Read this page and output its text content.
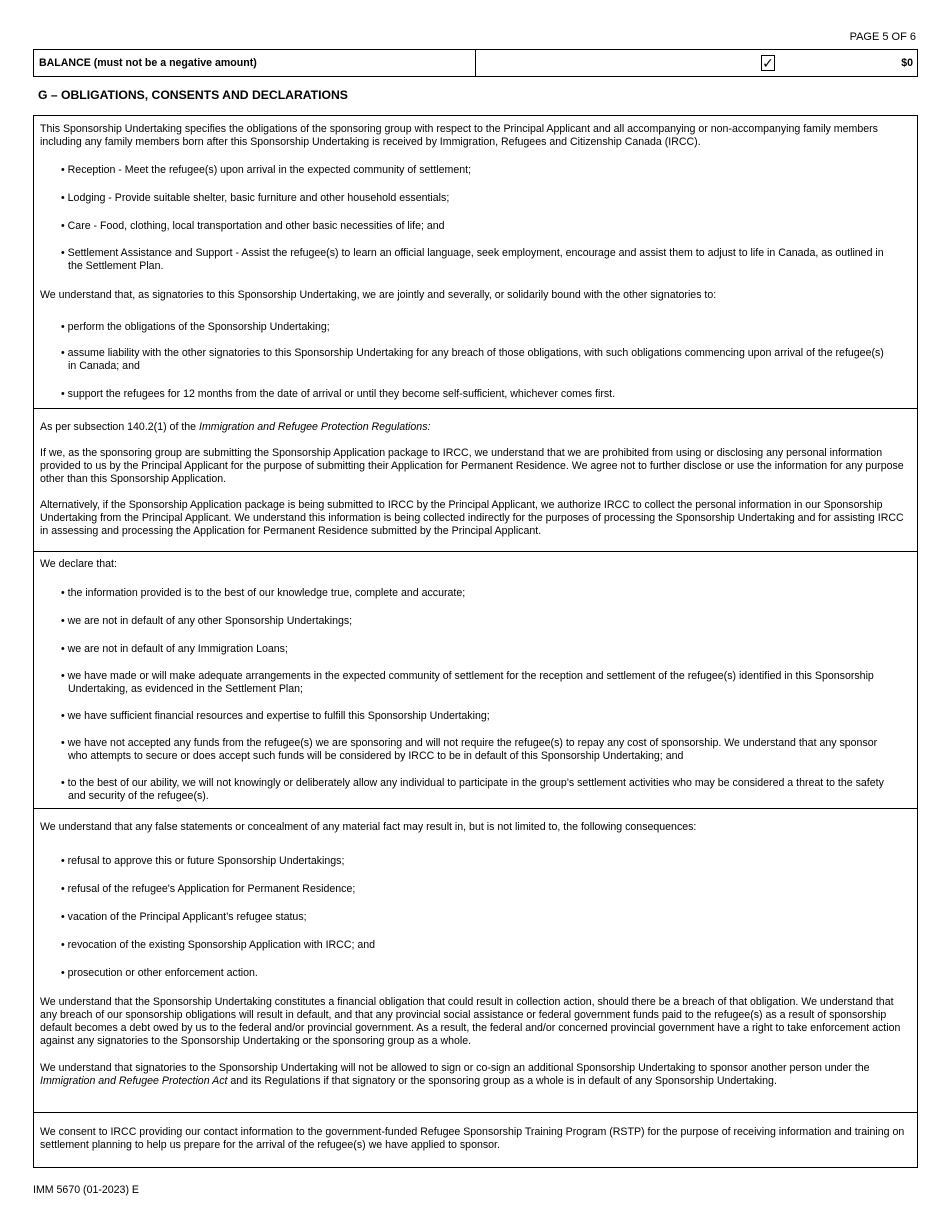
PAGE 5 OF 6
BALANCE (must not be a negative amount)	✓	$0
G – OBLIGATIONS, CONSENTS AND DECLARATIONS

This Sponsorship Undertaking specifies the obligations of the sponsoring group with respect to the Principal Applicant and all accompanying or non-accompanying family members including any family members born after this Sponsorship Undertaking is received by Immigration, Refugees and Citizenship Canada (IRCC).

• Reception - Meet the refugee(s) upon arrival in the expected community of settlement;

• Lodging - Provide suitable shelter, basic furniture and other household essentials;

• Care - Food, clothing, local transportation and other basic necessities of life; and

• Settlement Assistance and Support - Assist the refugee(s) to learn an official language, seek employment, encourage and assist them to adjust to life in Canada, as outlined in the Settlement Plan.

We understand that, as signatories to this Sponsorship Undertaking, we are jointly and severally, or solidarily bound with the other signatories to:

• perform the obligations of the Sponsorship Undertaking;

• assume liability with the other signatories to this Sponsorship Undertaking for any breach of those obligations, with such obligations commencing upon arrival of the refugee(s) in Canada; and

• support the refugees for 12 months from the date of arrival or until they become self-sufficient, whichever comes first.

As per subsection 140.2(1) of the Immigration and Refugee Protection Regulations:

If we, as the sponsoring group are submitting the Sponsorship Application package to IRCC, we understand that we are prohibited from using or disclosing any personal information provided to us by the Principal Applicant for the purpose of submitting their Application for Permanent Residence. We agree not to further disclose or use the information for any purpose other than this Sponsorship Application.

Alternatively, if the Sponsorship Application package is being submitted to IRCC by the Principal Applicant, we authorize IRCC to collect the personal information in our Sponsorship Undertaking from the Principal Applicant. We understand this information is being collected indirectly for the purposes of processing the Sponsorship Undertaking and for assisting IRCC in assessing and processing the Application for Permanent Residence submitted by the Principal Applicant.

We declare that:

• the information provided is to the best of our knowledge true, complete and accurate;

• we are not in default of any other Sponsorship Undertakings;

• we are not in default of any Immigration Loans;

• we have made or will make adequate arrangements in the expected community of settlement for the reception and settlement of the refugee(s) identified in this Sponsorship Undertaking, as evidenced in the Settlement Plan;

• we have sufficient financial resources and expertise to fulfill this Sponsorship Undertaking;

• we have not accepted any funds from the refugee(s) we are sponsoring and will not require the refugee(s) to repay any cost of sponsorship. We understand that any sponsor who attempts to secure or does accept such funds will be considered by IRCC to be in default of this Sponsorship Undertaking; and

• to the best of our ability, we will not knowingly or deliberately allow any individual to participate in the group's settlement activities who may be considered a threat to the safety and security of the refugee(s).

We understand that any false statements or concealment of any material fact may result in, but is not limited to, the following consequences:

• refusal to approve this or future Sponsorship Undertakings;

• refusal of the refugee's Application for Permanent Residence;

• vacation of the Principal Applicant’s refugee status;

• revocation of the existing Sponsorship Application with IRCC; and

• prosecution or other enforcement action.

We understand that the Sponsorship Undertaking constitutes a financial obligation that could result in collection action, should there be a breach of that obligation. We understand that any breach of our sponsorship obligations will result in default, and that any provincial social assistance or federal government funds paid to the refugee(s) as a result of sponsorship default becomes a debt owed by us to the federal and/or provincial government. As a result, the federal and/or concerned provincial government have a right to take enforcement action against any signatories to the Sponsorship Undertaking or the sponsoring group as a whole.

We understand that signatories to the Sponsorship Undertaking will not be allowed to sign or co-sign an additional Sponsorship Undertaking to sponsor another person under the Immigration and Refugee Protection Act and its Regulations if that signatory or the sponsoring group as a whole is in default of any Sponsorship Undertaking.

We consent to IRCC providing our contact information to the government-funded Refugee Sponsorship Training Program (RSTP) for the purpose of receiving information and training on settlement planning to help us prepare for the arrival of the refugee(s) we have applied to sponsor.

IMM 5670 (01-2023) E
